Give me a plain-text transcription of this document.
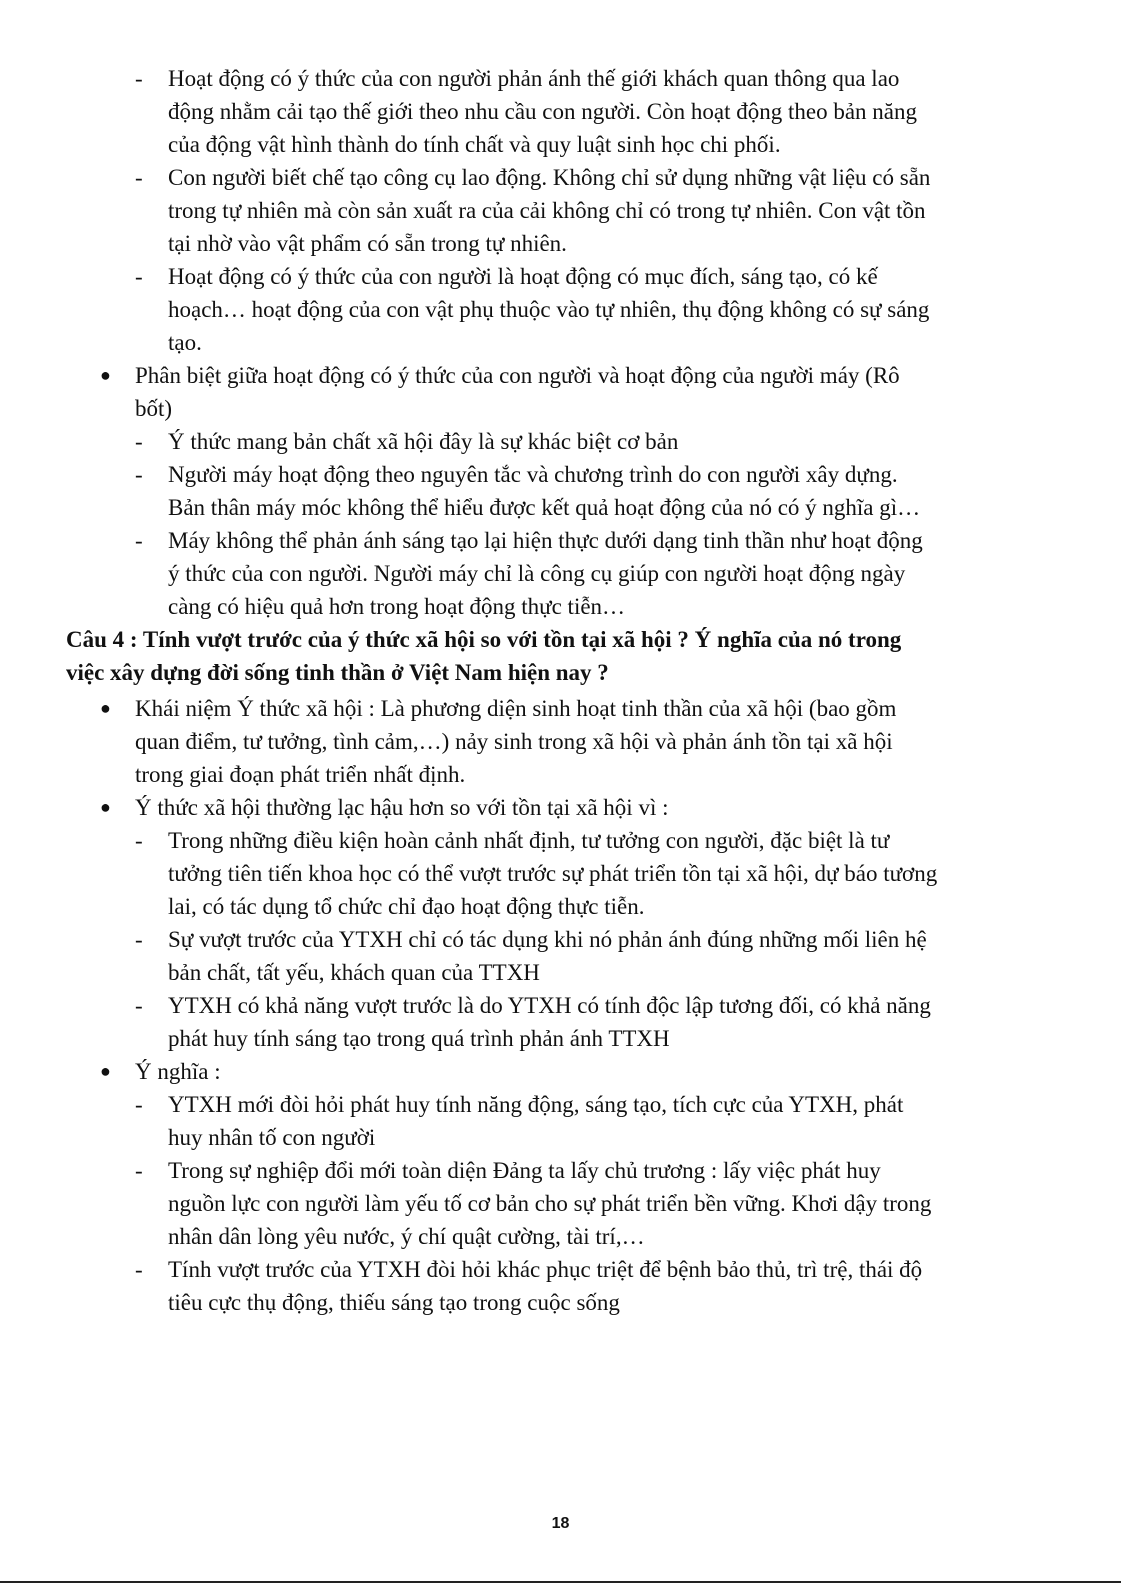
- Hoạt động có ý thức của con người phản ánh thế giới khách quan thông qua lao
động nhằm cải tạo thế giới theo nhu cầu con người. Còn hoạt động theo bản năng
của động vật hình thành do tính chất và quy luật sinh học chi phối.
- Con người biết chế tạo công cụ lao động. Không chỉ sử dụng những vật liệu có sẵn
trong tự nhiên mà còn sản xuất ra của cải không chỉ có trong tự nhiên. Con vật tồn
tại nhờ vào vật phẩm có sẵn trong tự nhiên.
- Hoạt động có ý thức của con người là hoạt động có mục đích, sáng tạo, có kế
hoạch… hoạt động của con vật phụ thuộc vào tự nhiên, thụ động không có sự sáng
tạo.
● Phân biệt giữa hoạt động có ý thức của con người và hoạt động của người máy (Rô
bốt)
- Ý thức mang bản chất xã hội đây là sự khác biệt cơ bản
- Người máy hoạt động theo nguyên tắc và chương trình do con người xây dựng.
Bản thân máy móc không thể hiểu được kết quả hoạt động của nó có ý nghĩa gì…
- Máy không thể phản ánh sáng tạo lại hiện thực dưới dạng tinh thần như hoạt động
ý thức của con người. Người máy chỉ là công cụ giúp con người hoạt động ngày
càng có hiệu quả hơn trong hoạt động thực tiễn…
Câu 4 : Tính vượt trước của ý thức xã hội so với tồn tại xã hội ? Ý nghĩa của nó trong
việc xây dựng đời sống tinh thần ở Việt Nam hiện nay ?
● Khái niệm Ý thức xã hội : Là phương diện sinh hoạt tinh thần của xã hội (bao gồm
quan điểm, tư tưởng, tình cảm,…) nảy sinh trong xã hội và phản ánh tồn tại xã hội
trong giai đoạn phát triển nhất định.
● Ý thức xã hội thường lạc hậu hơn so với tồn tại xã hội vì :
- Trong những điều kiện hoàn cảnh nhất định, tư tưởng con người, đặc biệt là tư
tưởng tiên tiến khoa học có thể vượt trước sự phát triển tồn tại xã hội, dự báo tương
lai, có tác dụng tổ chức chỉ đạo hoạt động thực tiễn.
- Sự vượt trước của YTXH chỉ có tác dụng khi nó phản ánh đúng những mối liên hệ
bản chất, tất yếu, khách quan của TTXH
- YTXH có khả năng vượt trước là do YTXH có tính độc lập tương đối, có khả năng
phát huy tính sáng tạo trong quá trình phản ánh TTXH
● Ý nghĩa :
- YTXH mới đòi hỏi phát huy tính năng động, sáng tạo, tích cực của YTXH, phát
huy nhân tố con người
- Trong sự nghiệp đổi mới toàn diện Đảng ta lấy chủ trương : lấy việc phát huy
nguồn lực con người làm yếu tố cơ bản cho sự phát triển bền vững. Khơi dậy trong
nhân dân lòng yêu nước, ý chí quật cường, tài trí,…
- Tính vượt trước của YTXH đòi hỏi khác phục triệt để bệnh bảo thủ, trì trệ, thái độ
tiêu cực thụ động, thiếu sáng tạo trong cuộc sống
18
